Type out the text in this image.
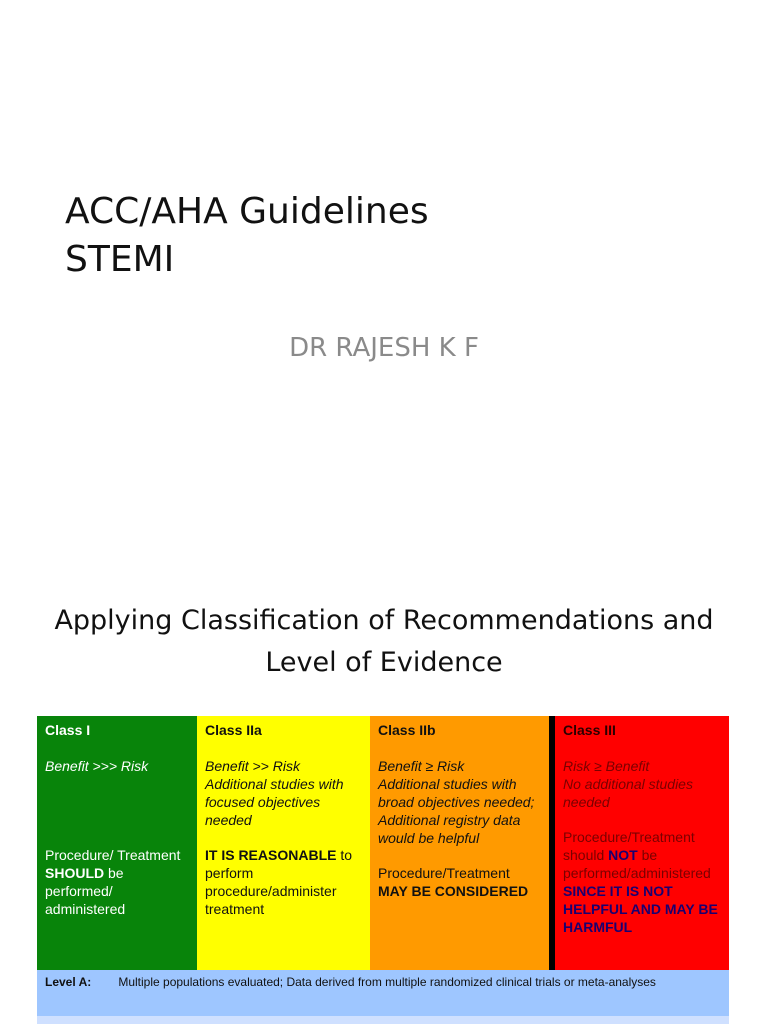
ACC/AHA Guidelines
STEMI
DR RAJESH K F
Applying Classification of Recommendations and
Level of Evidence
Class I
Benefit >>> Risk
Procedure/ Treatment SHOULD be performed/ administered
Class IIa
Benefit >> Risk
Additional studies with focused objectives needed
IT IS REASONABLE to perform procedure/administer treatment
Class IIb
Benefit ≥ Risk
Additional studies with broad objectives needed; Additional registry data would be helpful
Procedure/Treatment
MAY BE CONSIDERED
Class III
Risk ≥ Benefit
No additional studies needed
Procedure/Treatment should NOT be performed/administered
SINCE IT IS NOT HELPFUL AND MAY BE HARMFUL
Level A: Multiple populations evaluated; Data derived from multiple randomized clinical trials or meta-analyses
